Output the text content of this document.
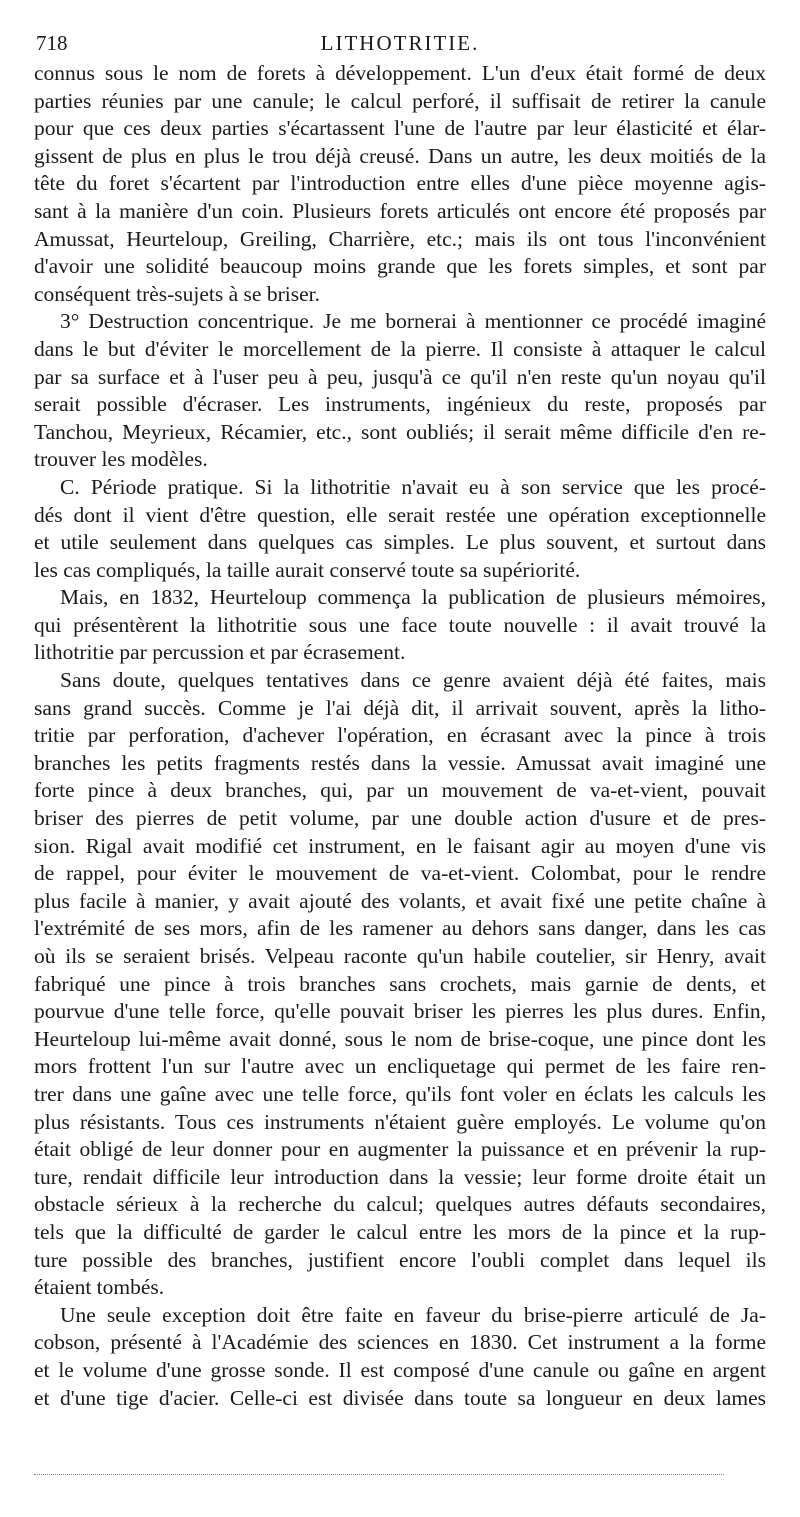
718	LITHOTRITIE.
connus sous le nom de forets à développement. L'un d'eux était formé de deux
parties réunies par une canule; le calcul perforé, il suffisait de retirer la canule
pour que ces deux parties s'écartassent l'une de l'autre par leur élasticité et élar-
gissent de plus en plus le trou déjà creusé. Dans un autre, les deux moitiés de la
tête du foret s'écartent par l'introduction entre elles d'une pièce moyenne agis-
sant à la manière d'un coin. Plusieurs forets articulés ont encore été proposés par
Amussat, Heurteloup, Greiling, Charrière, etc.; mais ils ont tous l'inconvénient
d'avoir une solidité beaucoup moins grande que les forets simples, et sont par
conséquent très-sujets à se briser.
3° Destruction concentrique. Je me bornerai à mentionner ce procédé imaginé
dans le but d'éviter le morcellement de la pierre. Il consiste à attaquer le calcul
par sa surface et à l'user peu à peu, jusqu'à ce qu'il n'en reste qu'un noyau qu'il
serait possible d'écraser. Les instruments, ingénieux du reste, proposés par
Tanchou, Meyrieux, Récamier, etc., sont oubliés; il serait même difficile d'en re-
trouver les modèles.
C. Période pratique. Si la lithotritie n'avait eu à son service que les procé-
dés dont il vient d'être question, elle serait restée une opération exceptionnelle
et utile seulement dans quelques cas simples. Le plus souvent, et surtout dans
les cas compliqués, la taille aurait conservé toute sa supériorité.
Mais, en 1832, Heurteloup commença la publication de plusieurs mémoires,
qui présentèrent la lithotritie sous une face toute nouvelle : il avait trouvé la
lithotritie par percussion et par écrasement.
Sans doute, quelques tentatives dans ce genre avaient déjà été faites, mais
sans grand succès. Comme je l'ai déjà dit, il arrivait souvent, après la litho-
tritie par perforation, d'achever l'opération, en écrasant avec la pince à trois
branches les petits fragments restés dans la vessie. Amussat avait imaginé une
forte pince à deux branches, qui, par un mouvement de va-et-vient, pouvait
briser des pierres de petit volume, par une double action d'usure et de pres-
sion. Rigal avait modifié cet instrument, en le faisant agir au moyen d'une vis
de rappel, pour éviter le mouvement de va-et-vient. Colombat, pour le rendre
plus facile à manier, y avait ajouté des volants, et avait fixé une petite chaîne à
l'extrémité de ses mors, afin de les ramener au dehors sans danger, dans les cas
où ils se seraient brisés. Velpeau raconte qu'un habile coutelier, sir Henry, avait
fabriqué une pince à trois branches sans crochets, mais garnie de dents, et
pourvue d'une telle force, qu'elle pouvait briser les pierres les plus dures. Enfin,
Heurteloup lui-même avait donné, sous le nom de brise-coque, une pince dont les
mors frottent l'un sur l'autre avec un encliquetage qui permet de les faire ren-
trer dans une gaîne avec une telle force, qu'ils font voler en éclats les calculs les
plus résistants. Tous ces instruments n'étaient guère employés. Le volume qu'on
était obligé de leur donner pour en augmenter la puissance et en prévenir la rup-
ture, rendait difficile leur introduction dans la vessie; leur forme droite était un
obstacle sérieux à la recherche du calcul; quelques autres défauts secondaires,
tels que la difficulté de garder le calcul entre les mors de la pince et la rup-
ture possible des branches, justifient encore l'oubli complet dans lequel ils
étaient tombés.
Une seule exception doit être faite en faveur du brise-pierre articulé de Ja-
cobson, présenté à l'Académie des sciences en 1830. Cet instrument a la forme
et le volume d'une grosse sonde. Il est composé d'une canule ou gaîne en argent
et d'une tige d'acier. Celle-ci est divisée dans toute sa longueur en deux lames
